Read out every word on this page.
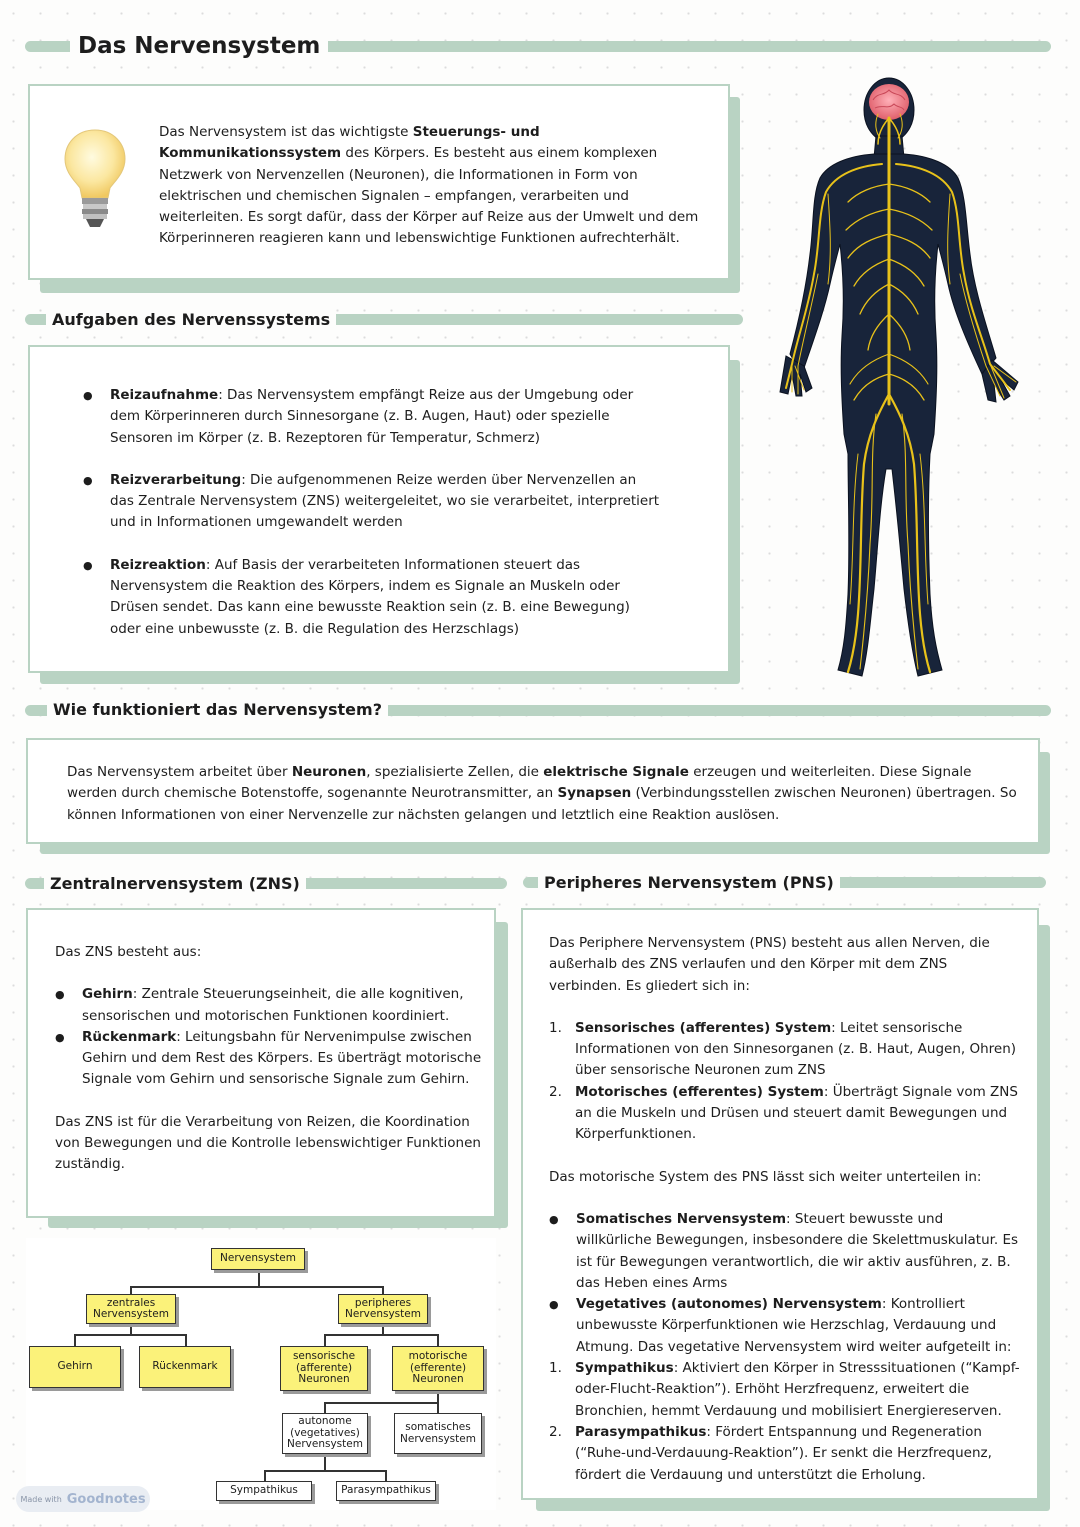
Das Nervensystem
Das Nervensystem ist das wichtigste Steuerungs- und Kommunikationssystem des Körpers. Es besteht aus einem komplexen Netzwerk von Nervenzellen (Neuronen), die Informationen in Form von elektrischen und chemischen Signalen – empfangen, verarbeiten und weiterleiten. Es sorgt dafür, dass der Körper auf Reize aus der Umwelt und dem Körperinneren reagieren kann und lebenswichtige Funktionen aufrechterhält.
Aufgaben des Nervenssystems
● Reizaufnahme: Das Nervensystem empfängt Reize aus der Umgebung oder dem Körperinneren durch Sinnesorgane (z. B. Augen, Haut) oder spezielle Sensoren im Körper (z. B. Rezeptoren für Temperatur, Schmerz)
● Reizverarbeitung: Die aufgenommenen Reize werden über Nervenzellen an das Zentrale Nervensystem (ZNS) weitergeleitet, wo sie verarbeitet, interpretiert und in Informationen umgewandelt werden
● Reizreaktion: Auf Basis der verarbeiteten Informationen steuert das Nervensystem die Reaktion des Körpers, indem es Signale an Muskeln oder Drüsen sendet. Das kann eine bewusste Reaktion sein (z. B. eine Bewegung) oder eine unbewusste (z. B. die Regulation des Herzschlags)
Wie funktioniert das Nervensystem?
Das Nervensystem arbeitet über Neuronen, spezialisierte Zellen, die elektrische Signale erzeugen und weiterleiten. Diese Signale werden durch chemische Botenstoffe, sogenannte Neurotransmitter, an Synapsen (Verbindungsstellen zwischen Neuronen) übertragen. So können Informationen von einer Nervenzelle zur nächsten gelangen und letztlich eine Reaktion auslösen.
Zentralnervensystem (ZNS)
Das ZNS besteht aus:
● Gehirn: Zentrale Steuerungseinheit, die alle kognitiven, sensorischen und motorischen Funktionen koordiniert.
● Rückenmark: Leitungsbahn für Nervenimpulse zwischen Gehirn und dem Rest des Körpers. Es überträgt motorische Signale vom Gehirn und sensorische Signale zum Gehirn.
Das ZNS ist für die Verarbeitung von Reizen, die Koordination von Bewegungen und die Kontrolle lebenswichtiger Funktionen zuständig.
Peripheres Nervensystem (PNS)
Das Periphere Nervensystem (PNS) besteht aus allen Nerven, die außerhalb des ZNS verlaufen und den Körper mit dem ZNS verbinden. Es gliedert sich in:
1. Sensorisches (afferentes) System: Leitet sensorische Informationen von den Sinnesorganen (z. B. Haut, Augen, Ohren) über sensorische Neuronen zum ZNS
2. Motorisches (efferentes) System: Überträgt Signale vom ZNS an die Muskeln und Drüsen und steuert damit Bewegungen und Körperfunktionen.
Das motorische System des PNS lässt sich weiter unterteilen in:
● Somatisches Nervensystem: Steuert bewusste und willkürliche Bewegungen, insbesondere die Skelettmuskulatur. Es ist für Bewegungen verantwortlich, die wir aktiv ausführen, z. B. das Heben eines Arms
● Vegetatives (autonomes) Nervensystem: Kontrolliert unbewusste Körperfunktionen wie Herzschlag, Verdauung und Atmung. Das vegetative Nervensystem wird weiter aufgeteilt in:
1. Sympathikus: Aktiviert den Körper in Stresssituationen (“Kampf-oder-Flucht-Reaktion”). Erhöht Herzfrequenz, erweitert die Bronchien, hemmt Verdauung und mobilisiert Energiereserven.
2. Parasympathikus: Fördert Entspannung und Regeneration (“Ruhe-und-Verdauung-Reaktion”). Er senkt die Herzfrequenz, fördert die Verdauung und unterstützt die Erholung.
Nervensystem
zentrales Nervensystem
peripheres Nervensystem
Gehirn	Rückenmark
sensorische (afferente) Neuronen
motorische (efferente) Neuronen
autonome (vegetatives) Nervensystem
somatisches Nervensystem
Sympathikus	Parasympathikus
Made with Goodnotes
